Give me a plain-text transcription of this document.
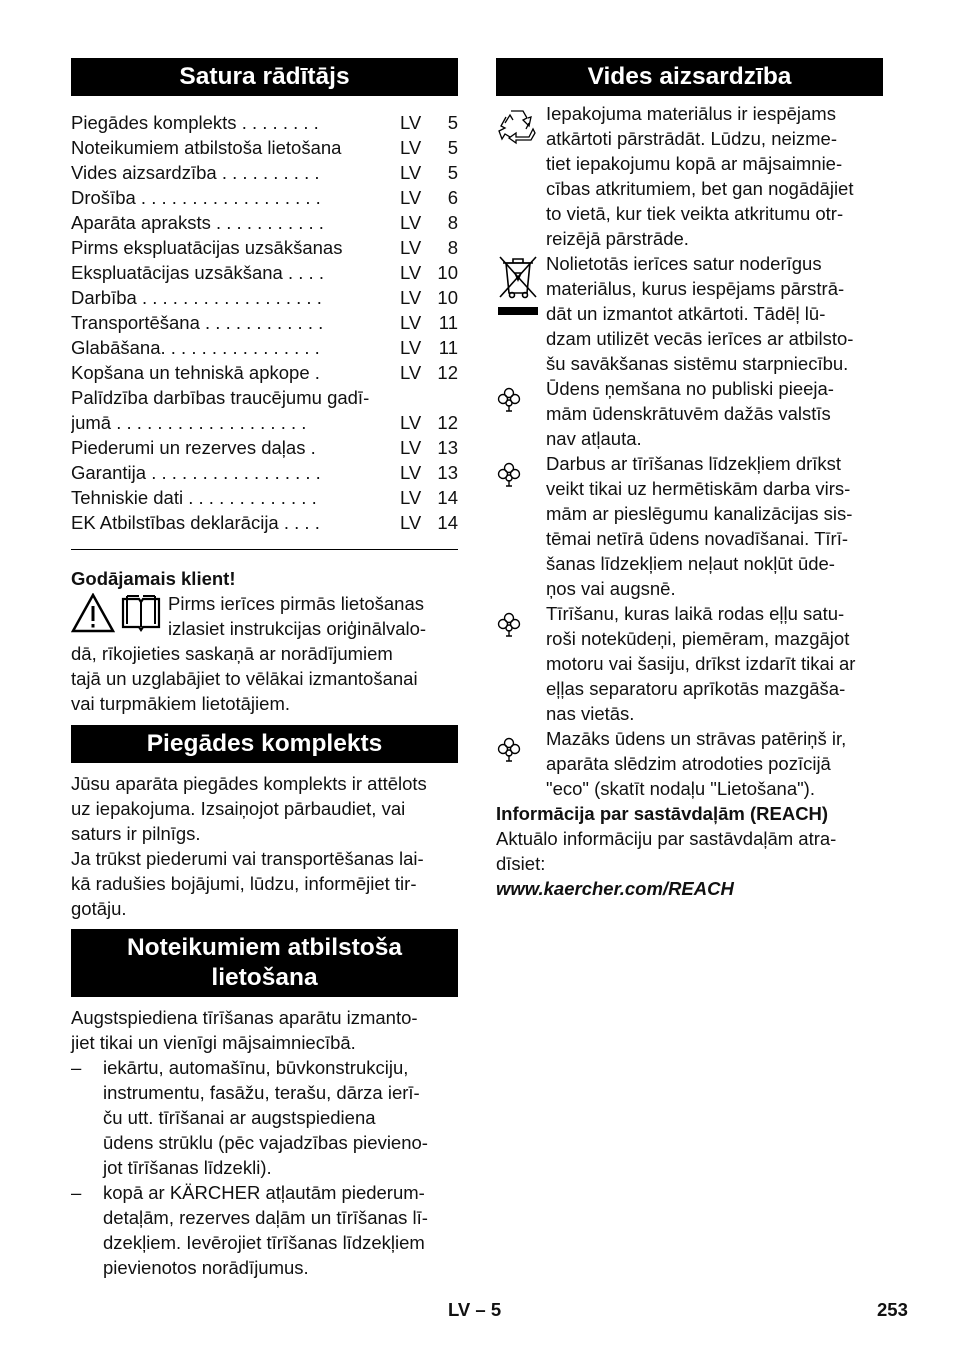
Satura rādītājs
Piegādes komplekts . . . . . . . .	LV	5
Noteikumiem atbilstoša lietošana	LV	5
Vides aizsardzība . . . . . . . . . .	LV	5
Drošība . . . . . . . . . . . . . . . . . .	LV	6
Aparāta apraksts . . . . . . . . . . .	LV	8
Pirms ekspluatācijas uzsākšanas	LV	8
Ekspluatācijas uzsākšana . . . .	LV 10
Darbība . . . . . . . . . . . . . . . . . .	LV 10
Transportēšana . . . . . . . . . . . .	LV 11
Glabāšana. . . . . . . . . . . . . . . .	LV 11
Kopšana un tehniskā apkope .	LV 12
Palīdzība darbības traucējumu gadī-
jumā . . . . . . . . . . . . . . . . . . .	LV 12
Piederumi un rezerves daļas .	LV 13
Garantija . . . . . . . . . . . . . . . . .	LV 13
Tehniskie dati . . . . . . . . . . . . .	LV 14
EK Atbilstības deklarācija . . . .	LV 14

Godājamais klient!

Pirms ierīces pirmās lietošanas

izlasiet instrukcijas oriģinālvalo-

dā, rīkojieties saskaņā ar norādījumiem

tajā un uzglabājiet to vēlākai izmantošanai

vai turpmākiem lietotājiem.

Piegādes komplekts

Jūsu aparāta piegādes komplekts ir attēlots

uz iepakojuma. Izsaiņojot pārbaudiet, vai

saturs ir pilnīgs.

Ja trūkst piederumi vai transportēšanas lai-

kā radušies bojājumi, lūdzu, informējiet tir-

gotāju.

Noteikumiem atbilstoša
lietošana

Augstspiediena tīrīšanas aparātu izmanto-

jiet tikai un vienīgi mājsaimniecībā.

– iekārtu, automašīnu, būvkonstrukciju,
instrumentu, fasāžu, terašu, dārza ierī-
ču utt. tīrīšanai ar augstspiediena
ūdens strūklu (pēc vajadzības pievieno-
jot tīrīšanas līdzekli).
– kopā ar KÄRCHER atļautām piederum-
detaļām, rezerves daļām un tīrīšanas lī-
dzekļiem. Ievērojiet tīrīšanas līdzekļiem
pievienotos norādījumus.
Vides aizsardzība

Iepakojuma materiālus ir iespējams

atkārtoti pārstrādāt. Lūdzu, neizme-

tiet iepakojumu kopā ar mājsaimnie-

cības atkritumiem, bet gan nogādājiet

to vietā, kur tiek veikta atkritumu otr-

reizējā pārstrāde.

Nolietotās ierīces satur noderīgus

materiālus, kurus iespējams pārstrā-

dāt un izmantot atkārtoti. Tādēļ lū-

dzam utilizēt vecās ierīces ar atbilsto-

šu savākšanas sistēmu starpniecību.

Ūdens ņemšana no publiski pieeja-

mām ūdenskrātuvēm dažās valstīs

nav atļauta.

Darbus ar tīrīšanas līdzekļiem drīkst

veikt tikai uz hermētiskām darba virs-

mām ar pieslēgumu kanalizācijas sis-

tēmai netīrā ūdens novadīšanai. Tīrī-

šanas līdzekļiem neļaut nokļūt ūde-

ņos vai augsnē.

Tīrīšanu, kuras laikā rodas eļļu satu-

roši notekūdeņi, piemēram, mazgājot

motoru vai šasiju, drīkst izdarīt tikai ar

eļļas separatoru aprīkotās mazgāša-

nas vietās.

Mazāks ūdens un strāvas patēriņš ir,

aparāta slēdzim atrodoties pozīcijā

"eco" (skatīt nodaļu "Lietošana").

Informācija par sastāvdaļām (REACH)

Aktuālo informāciju par sastāvdaļām atra-

dīsiet:

www.kaercher.com/REACH

LV – 5	253
